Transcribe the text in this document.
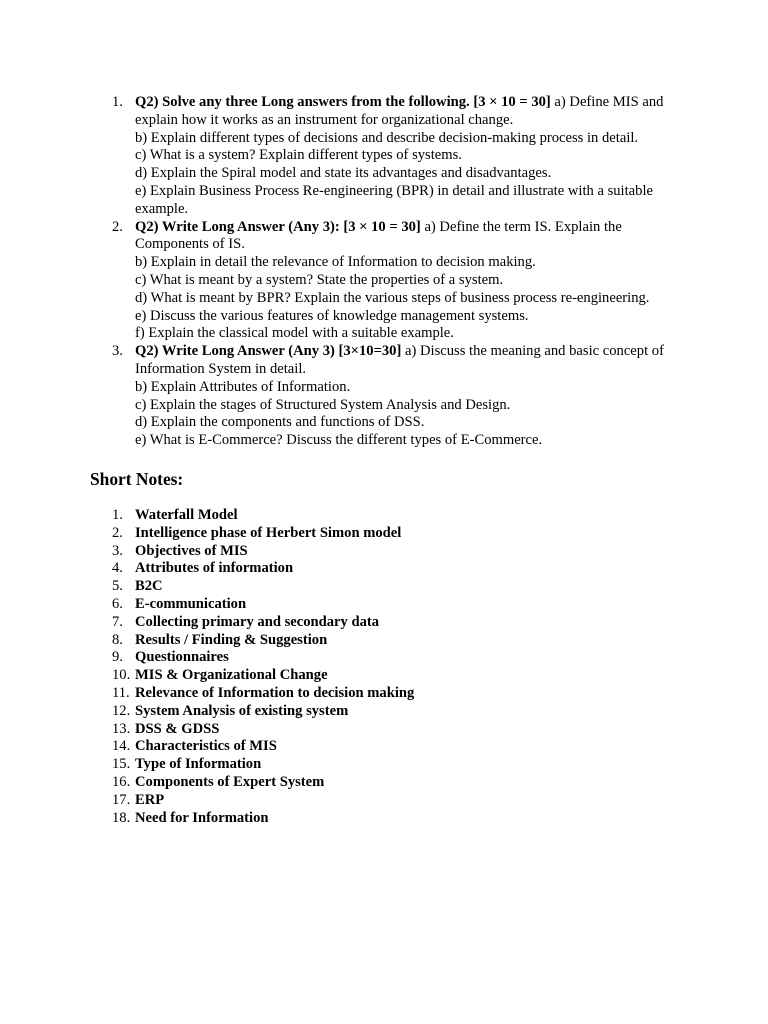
1. Q2) Solve any three Long answers from the following. [3 × 10 = 30] a) Define MIS and explain how it works as an instrument for organizational change.
b) Explain different types of decisions and describe decision-making process in detail.
c) What is a system? Explain different types of systems.
d) Explain the Spiral model and state its advantages and disadvantages.
e) Explain Business Process Re-engineering (BPR) in detail and illustrate with a suitable example.
2. Q2) Write Long Answer (Any 3): [3 × 10 = 30] a) Define the term IS. Explain the Components of IS.
b) Explain in detail the relevance of Information to decision making.
c) What is meant by a system? State the properties of a system.
d) What is meant by BPR? Explain the various steps of business process re-engineering.
e) Discuss the various features of knowledge management systems.
f) Explain the classical model with a suitable example.
3. Q2) Write Long Answer (Any 3) [3×10=30] a) Discuss the meaning and basic concept of Information System in detail.
b) Explain Attributes of Information.
c) Explain the stages of Structured System Analysis and Design.
d) Explain the components and functions of DSS.
e) What is E-Commerce? Discuss the different types of E-Commerce.
Short Notes:
1. Waterfall Model
2. Intelligence phase of Herbert Simon model
3. Objectives of MIS
4. Attributes of information
5. B2C
6. E-communication
7. Collecting primary and secondary data
8. Results / Finding & Suggestion
9. Questionnaires
10. MIS & Organizational Change
11. Relevance of Information to decision making
12. System Analysis of existing system
13. DSS & GDSS
14. Characteristics of MIS
15. Type of Information
16. Components of Expert System
17. ERP
18. Need for Information
